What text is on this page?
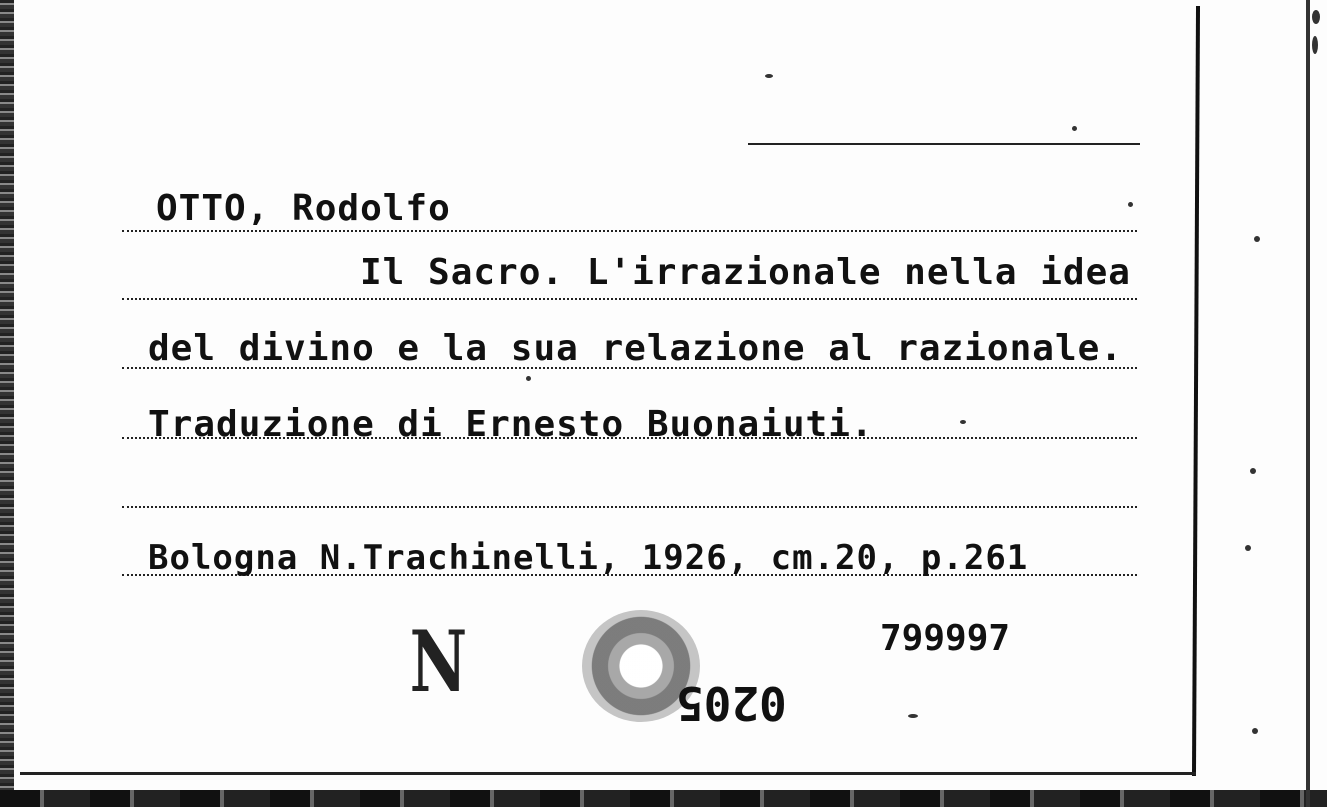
OTTO, Rodolfo
Il Sacro. L'irrazionale nella idea
del divino e la sua relazione al razionale.
Traduzione di Ernesto Buonaiuti.
Bologna N.Trachinelli, 1926, cm.20, p.261
N	0205
799997
